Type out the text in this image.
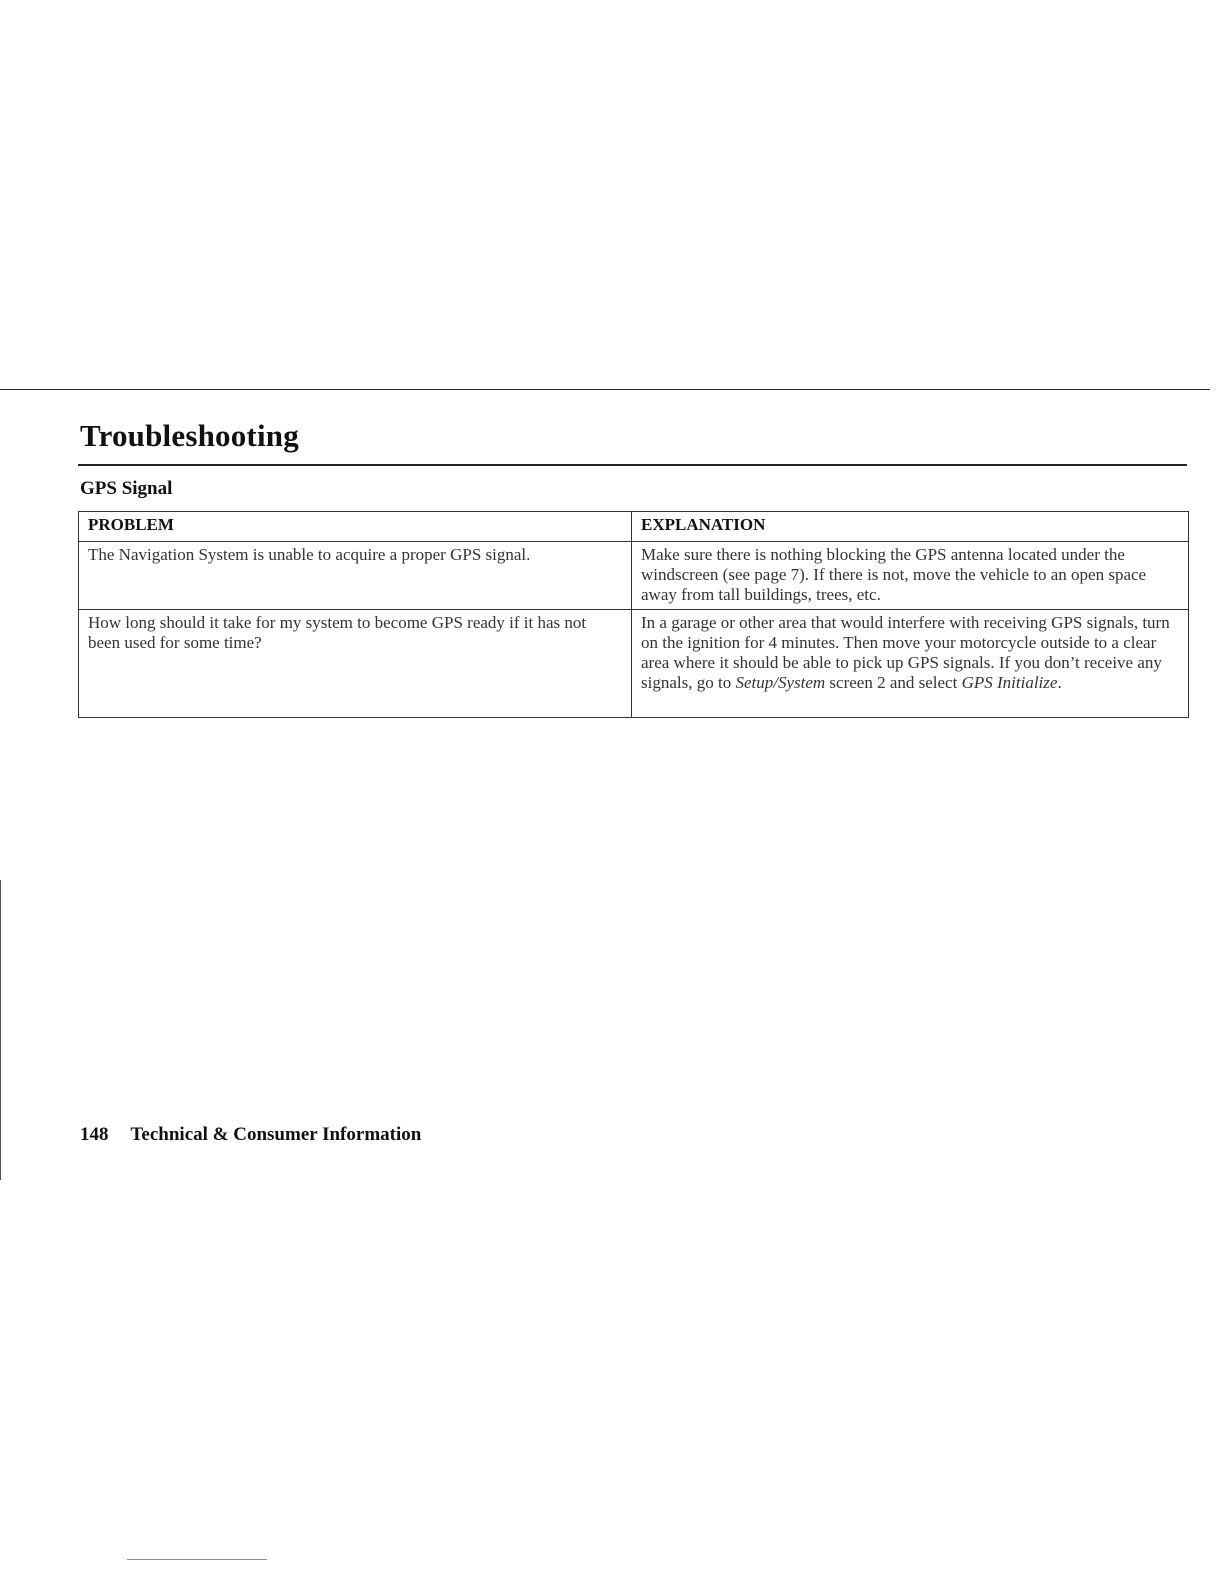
Troubleshooting
GPS Signal
PROBLEM	EXPLANATION
The Navigation System is unable to acquire a proper GPS signal.	Make sure there is nothing blocking the GPS antenna located under the windscreen (see page 7). If there is not, move the vehicle to an open space away from tall buildings, trees, etc.
How long should it take for my system to become GPS ready if it has not been used for some time?	In a garage or other area that would interfere with receiving GPS signals, turn on the ignition for 4 minutes. Then move your motorcycle outside to a clear area where it should be able to pick up GPS signals. If you don’t receive any signals, go to Setup/System screen 2 and select GPS Initialize.
148 Technical & Consumer Information
